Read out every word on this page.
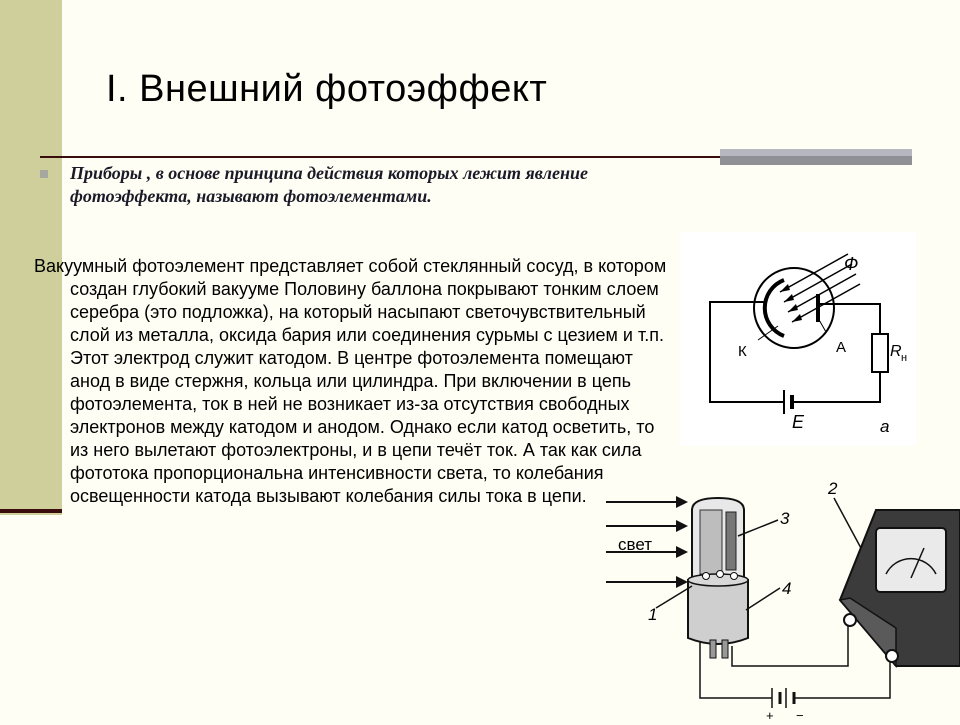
I. Внешний фотоэффект

Приборы , в основе принципа действия которых лежит явление фотоэффекта, называют фотоэлементами.

Вакуумный фотоэлемент представляет собой стеклянный сосуд, в котором создан глубокий вакууме Половину баллона покрывают тонким слоем серебра (это подложка), на который насыпают светочувствительный слой из металла, оксида бария или соединения сурьмы с цезием и т.п. Этот электрод служит катодом. В центре фотоэлемента помещают анод в виде стержня, кольца или цилиндра. При включении в цепь фотоэлемента, ток в ней не возникает из-за отсутствия свободных электронов между катодом и анодом. Однако если катод осветить, то из него вылетают фотоэлектроны, и в цепи течёт ток. А так как сила фототока пропорциональна интенсивности света, то колебания освещенности катода вызывают колебания силы тока в цепи.

Ф
К	А	R н
E	а
свет
1
2
3
4
+ −
